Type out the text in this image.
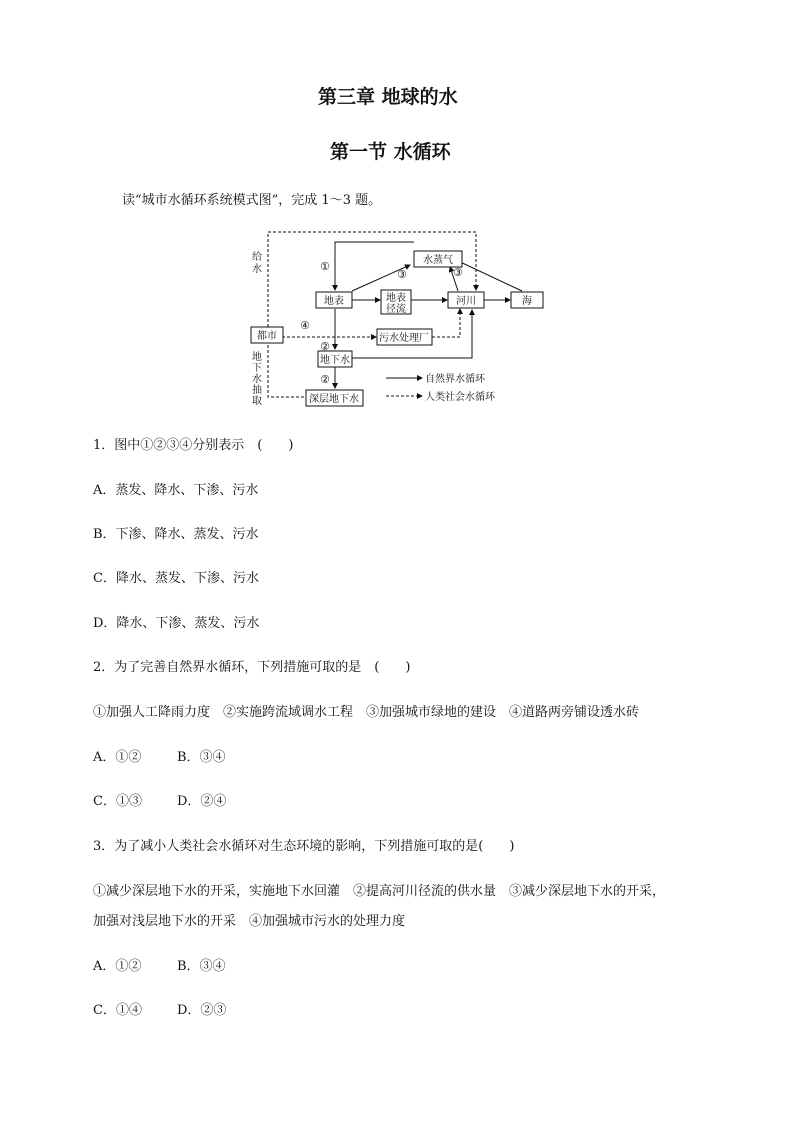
第三章 地球的水
第一节 水循环
读“城市水循环系统模式图”，完成 1～3 题。
水蒸气
地表	地表
径流
河川	海
都市	污水处理厂
地下水
深层地下水
给
水
地
下
水
抽
取
①
②
②
③	③
④
自然界水循环
人类社会水循环
1．图中①②③④分别表示　(　　)
A．蒸发、降水、下渗、污水
B．下渗、降水、蒸发、污水
C．降水、蒸发、下渗、污水
D．降水、下渗、蒸发、污水
2．为了完善自然界水循环，下列措施可取的是　(　　)
①加强人工降雨力度　②实施跨流域调水工程　③加强城市绿地的建设　④道路两旁铺设透水砖
A．①②	B．③④
C．①③	D．②④
3．为了减小人类社会水循环对生态环境的影响，下列措施可取的是(　　)
①减少深层地下水的开采，实施地下水回灌　②提高河川径流的供水量　③减少深层地下水的开采，
加强对浅层地下水的开采　④加强城市污水的处理力度
A．①②	B．③④
C．①④	D．②③
